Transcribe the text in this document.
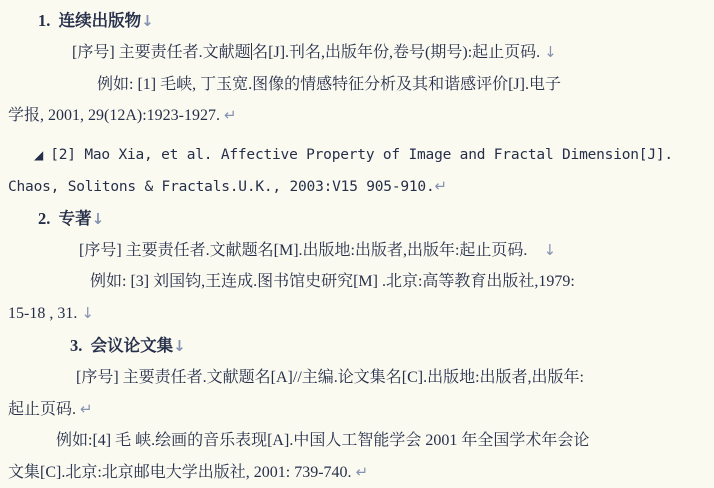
1.  连续出版物↓
[序号] 主要责任者.文献题名[J].刊名,出版年份,卷号(期号):起止页码. ↓
例如: [1] 毛峡, 丁玉宽.图像的情感特征分析及其和谐感评价[J].电子
学报, 2001, 29(12A):1923-1927. ↵
◢ [2] Mao Xia, et al. Affective Property of Image and Fractal Dimension[J].
Chaos, Solitons & Fractals.U.K., 2003:V15 905-910.↵
2.  专著↓
[序号] 主要责任者.文献题名[M].出版地:出版者,出版年:起止页码.    ↓
例如: [3] 刘国钧,王连成.图书馆史研究[M] .北京:高等教育出版社,1979:
15-18 , 31. ↓
3.  会议论文集↓
[序号] 主要责任者.文献题名[A]//主编.论文集名[C].出版地:出版者,出版年:
起止页码. ↵
例如:[4] 毛 峡.绘画的音乐表现[A].中国人工智能学会 2001 年全国学术年会论
文集[C].北京:北京邮电大学出版社, 2001: 739-740. ↵
